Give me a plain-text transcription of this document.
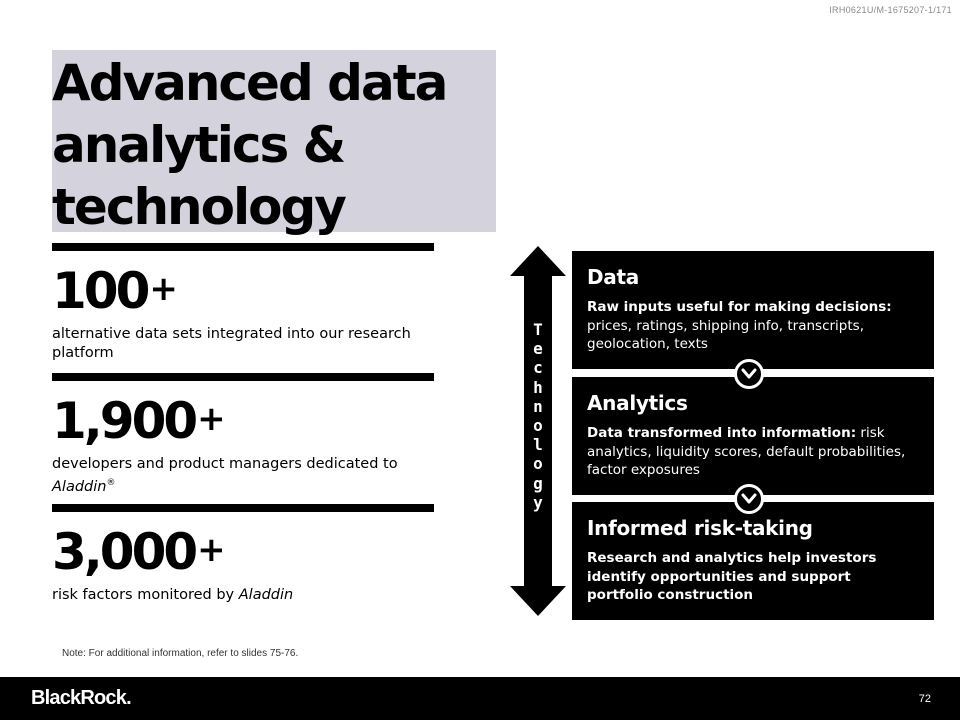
IRH0621U/M-1675207-1/171
Advanced data
analytics &
technology
100+
alternative data sets integrated into our research platform
1,900+
developers and product managers dedicated to Aladdin®
3,000+
risk factors monitored by Aladdin
T
e
c
h
n
o
l
o
g
y
Data
Raw inputs useful for making decisions: prices, ratings, shipping info, transcripts, geolocation, texts
Analytics
Data transformed into information: risk analytics, liquidity scores, default probabilities, factor exposures
Informed risk-taking
Research and analytics help investors identify opportunities and support portfolio construction
Note: For additional information, refer to slides 75-76.
BlackRock.	72
